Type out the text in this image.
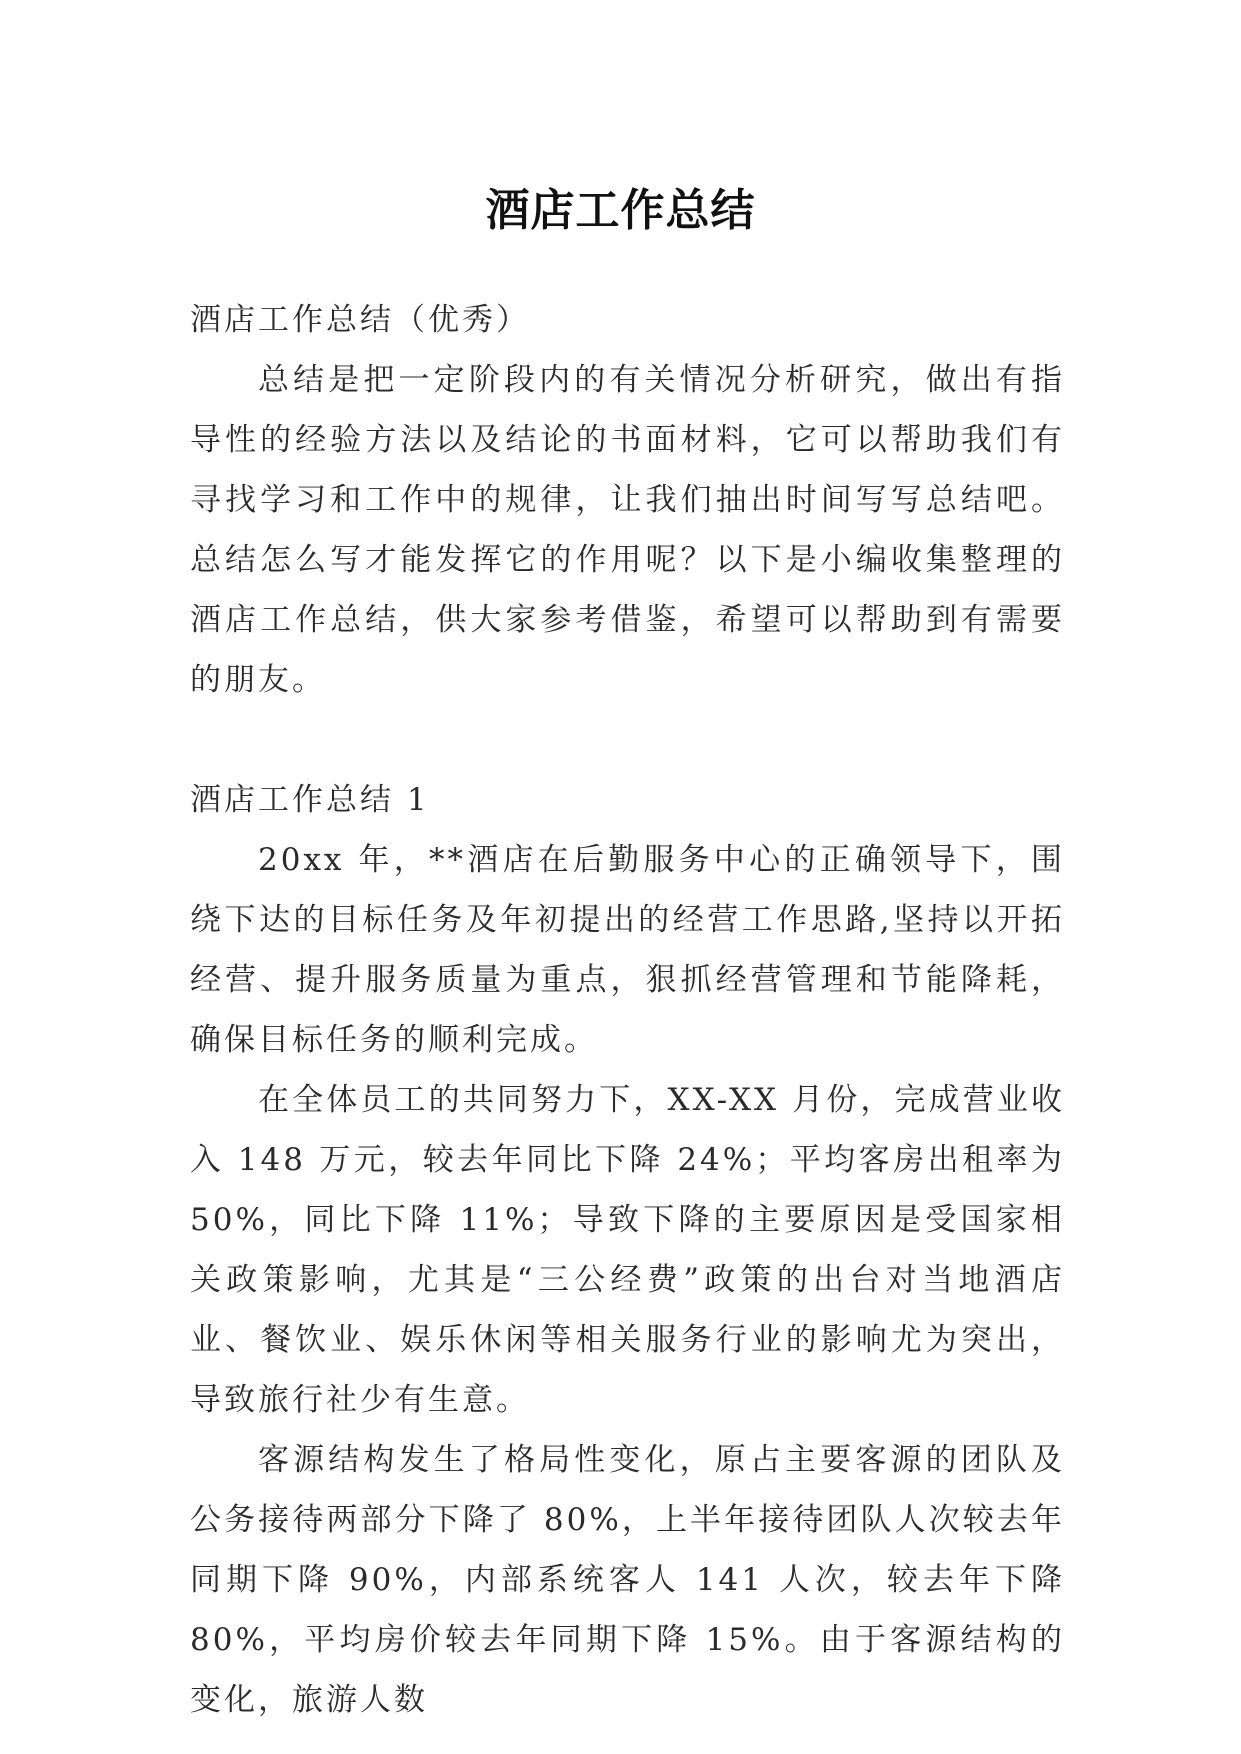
酒店工作总结

酒店工作总结（优秀）

总结是把一定阶段内的有关情况分析研究，做出有指导性的经验方法以及结论的书面材料，它可以帮助我们有寻找学习和工作中的规律，让我们抽出时间写写总结吧。总结怎么写才能发挥它的作用呢？以下是小编收集整理的酒店工作总结，供大家参考借鉴，希望可以帮助到有需要的朋友。

酒店工作总结 1

20xx 年，**酒店在后勤服务中心的正确领导下，围绕下达的目标任务及年初提出的经营工作思路,坚持以开拓经营、提升服务质量为重点，狠抓经营管理和节能降耗，确保目标任务的顺利完成。

在全体员工的共同努力下，XX-XX 月份，完成营业收入 148 万元，较去年同比下降 24%；平均客房出租率为 50%，同比下降 11%；导致下降的主要原因是受国家相关政策影响，尤其是“三公经费”政策的出台对当地酒店业、餐饮业、娱乐休闲等相关服务行业的影响尤为突出，导致旅行社少有生意。

客源结构发生了格局性变化，原占主要客源的团队及公务接待两部分下降了 80%，上半年接待团队人次较去年同期下降 90%，内部系统客人 141 人次，较去年下降 80%，平均房价较去年同期下降 15%。由于客源结构的变化，旅游人数
